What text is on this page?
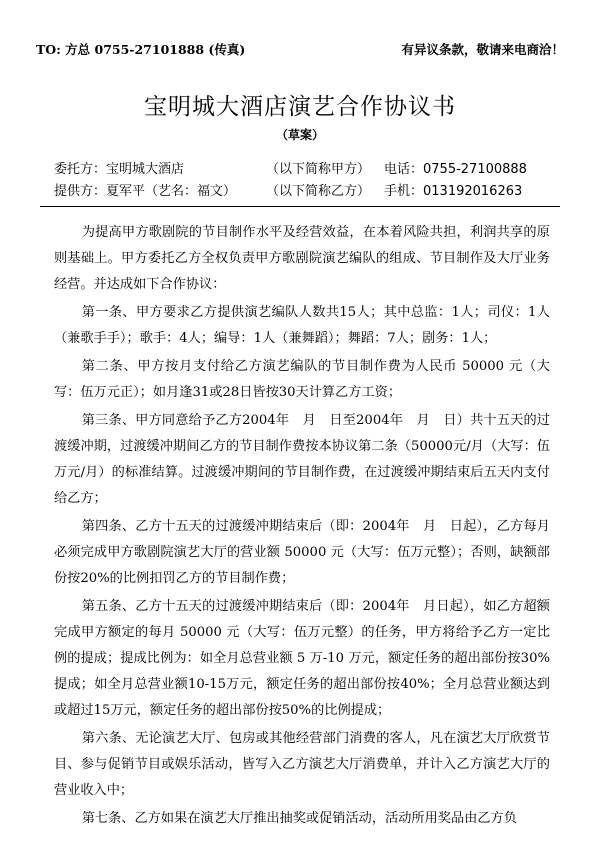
TO: 方总 0755-27101888 (传真)	有异议条款，敬请来电商洽！
宝明城大酒店演艺合作协议书
（草案）
委托方：宝明城大酒店	（以下简称甲方） 电话：0755-27100888
提供方：夏军平（艺名：福文） （以下简称乙方） 手机：013192016263

为提高甲方歌剧院的节目制作水平及经营效益，在本着风险共担，利润共享的原则基础上。甲方委托乙方全权负责甲方歌剧院演艺编队的组成、节目制作及大厅业务经营。并达成如下合作协议：

第一条、甲方要求乙方提供演艺编队人数共15人；其中总监：1人；司仪：1人（兼歌手手）；歌手：4人；编导：1人（兼舞蹈）；舞蹈：7人；剧务：1人；

第二条、甲方按月支付给乙方演艺编队的节目制作费为人民币 50000 元（大写：伍万元正）；如月逢31或28日皆按30天计算乙方工资；

第三条、甲方同意给予乙方2004年　月　日至2004年　月　日）共十五天的过渡缓冲期，过渡缓冲期间乙方的节目制作费按本协议第二条（50000元/月（大写：伍万元/月）的标准结算。过渡缓冲期间的节目制作费，在过渡缓冲期结束后五天内支付给乙方；

第四条、乙方十五天的过渡缓冲期结束后（即：2004年　月　日起），乙方每月必须完成甲方歌剧院演艺大厅的营业额 50000 元（大写：伍万元整）；否则，缺额部份按20%的比例扣罚乙方的节目制作费；

第五条、乙方十五天的过渡缓冲期结束后（即：2004年　月日起），如乙方超额完成甲方额定的每月 50000 元（大写：伍万元整）的任务，甲方将给予乙方一定比例的提成；提成比例为：如全月总营业额 5 万-10 万元，额定任务的超出部份按30%提成；如全月总营业额10-15万元，额定任务的超出部份按40%；全月总营业额达到或超过15万元，额定任务的超出部份按50%的比例提成；

第六条、无论演艺大厅、包房或其他经营部门消费的客人，凡在演艺大厅欣赏节目、参与促销节目或娱乐活动，皆写入乙方演艺大厅消费单，并计入乙方演艺大厅的营业收入中；

第七条、乙方如果在演艺大厅推出抽奖或促销活动，活动所用奖品由乙方负
